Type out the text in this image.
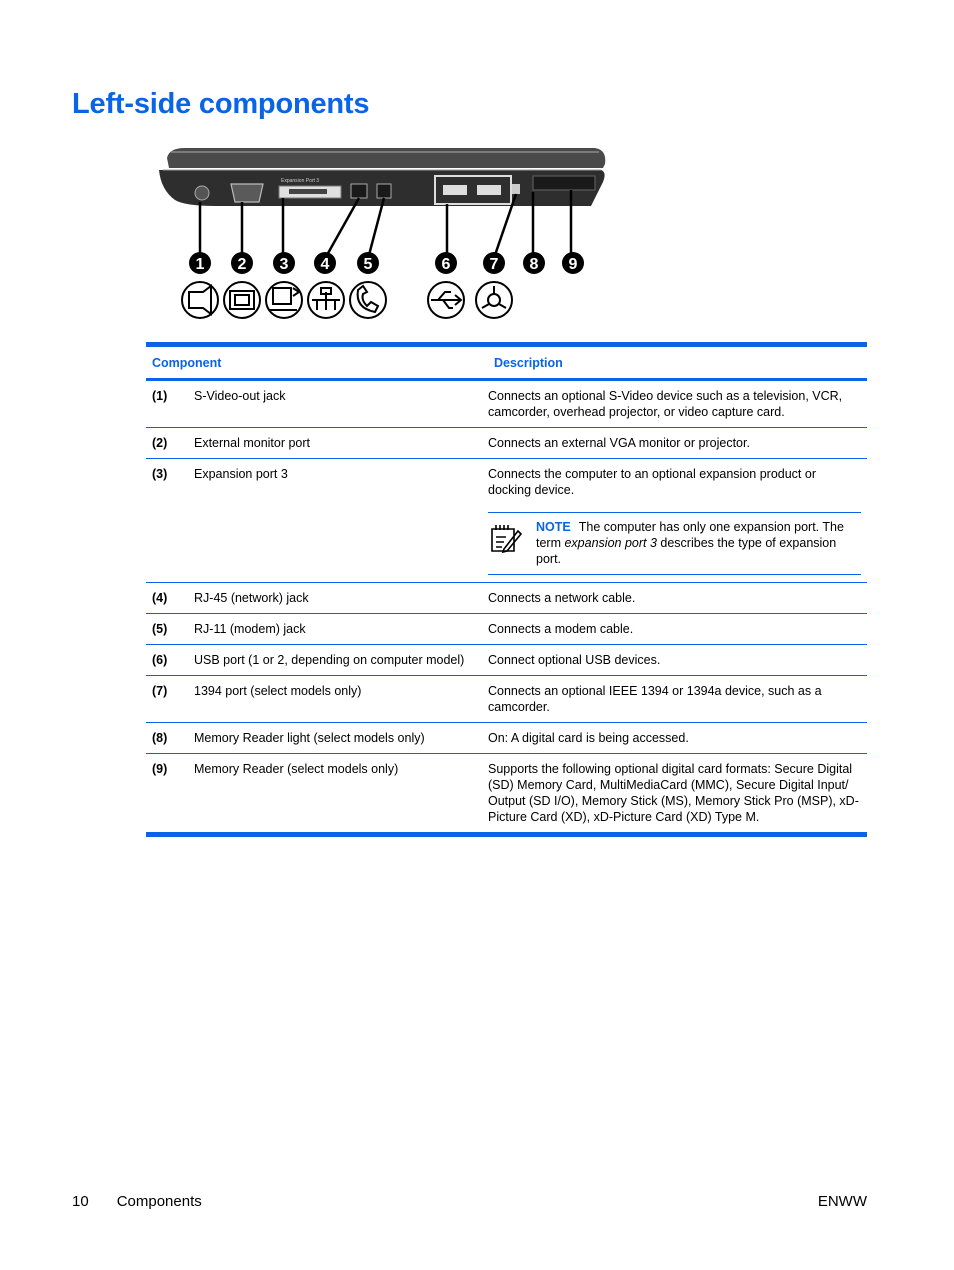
Left-side components
Expansion Port 3
1 2 3 4 5	6 7 8 9
Component	Description
(1)	S-Video-out jack	Connects an optional S-Video device such as a television, VCR, camcorder, overhead projector, or video capture card.
(2)	External monitor port	Connects an external VGA monitor or projector.
(3)	Expansion port 3	Connects the computer to an optional expansion product or docking device.
NOTE The computer has only one expansion port. The term expansion port 3 describes the type of expansion port.
(4)	RJ-45 (network) jack	Connects a network cable.
(5)	RJ-11 (modem) jack	Connects a modem cable.
(6)	USB port (1 or 2, depending on computer model)	Connect optional USB devices.
(7)	1394 port (select models only)	Connects an optional IEEE 1394 or 1394a device, such as a camcorder.
(8)	Memory Reader light (select models only)	On: A digital card is being accessed.
(9)	Memory Reader (select models only)	Supports the following optional digital card formats: Secure Digital (SD) Memory Card, MultiMediaCard (MMC), Secure Digital Input/ Output (SD I/O), Memory Stick (MS), Memory Stick Pro (MSP), xD-Picture Card (XD), xD-Picture Card (XD) Type M.
10 Components	ENWW
